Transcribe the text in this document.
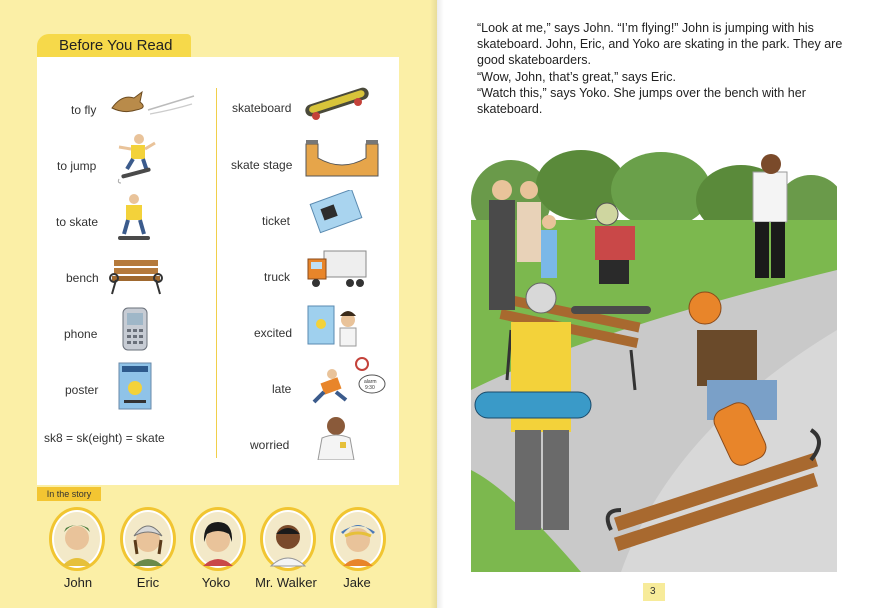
Before You Read
to fly
to jump
to skate
bench
phone
poster
skateboard
skate stage
ticket
truck
excited
late	alarm
9:30
worried
sk8 = sk(eight) = skate
In the story
John	Eric	Yoko	Mr. Walker	Jake

“Look at me,” says John. “I’m flying!” John is jumping with his skateboard. John, Eric, and Yoko are skating in the park. They are good skateboarders.

“Wow, John, that’s great,” says Eric.

“Watch this,” says Yoko. She jumps over the bench with her skateboard.

3
